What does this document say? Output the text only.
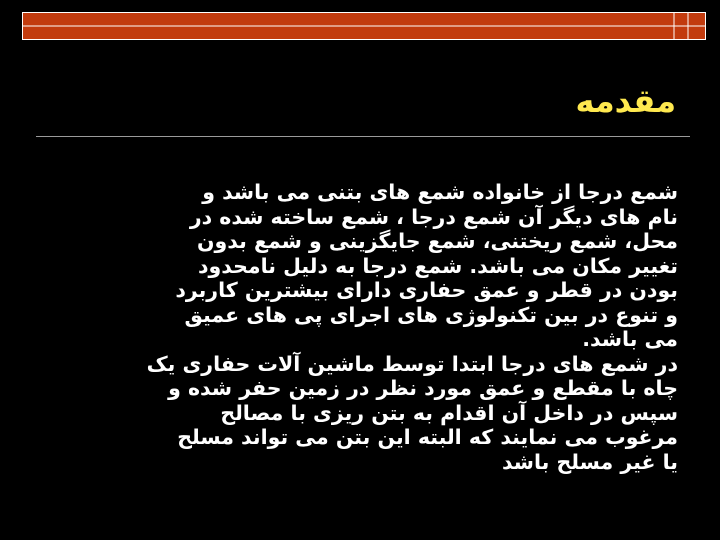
مقدمه

شمع درجا از خانواده شمع های بتنی می باشد و
نام های دیگر آن شمع درجا ، شمع ساخته شده در
محل، شمع ریختنی، شمع جایگزینی و شمع بدون
تغییر مکان می باشد. شمع درجا به دلیل نامحدود
بودن در قطر و عمق حفاری دارای بیشترین کاربرد
و تنوع در بین تکنولوژی های اجرای پی های عمیق
می باشد.

در شمع های درجا ابتدا توسط ماشین آلات حفاری یک
چاه با مقطع و عمق مورد نظر در زمین حفر شده و
سپس در داخل آن اقدام به بتن ریزی با مصالح
مرغوب می نمایند که البته این بتن می تواند مسلح
یا غیر مسلح باشد
